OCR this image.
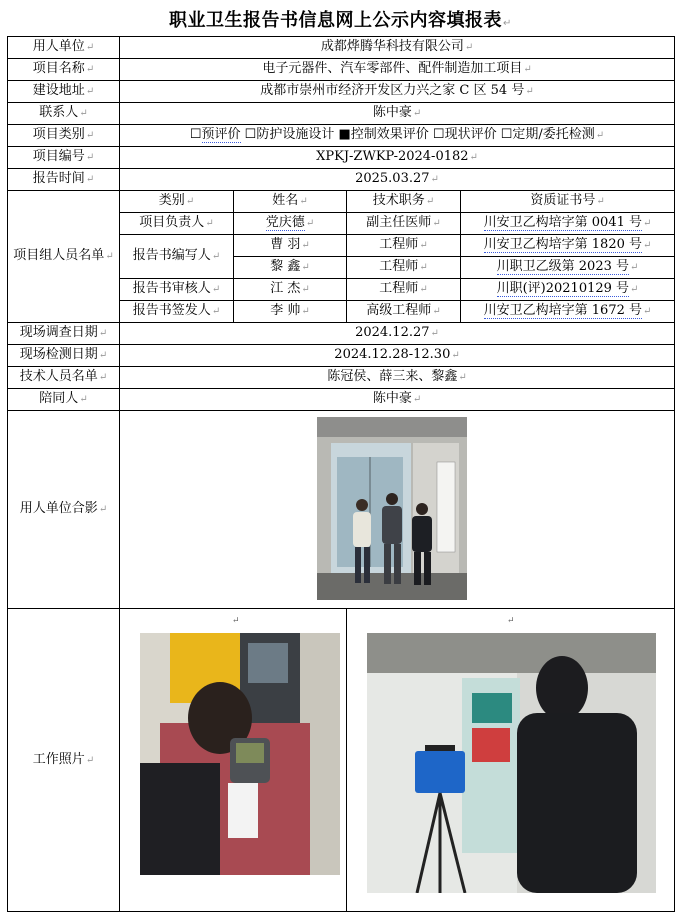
职业卫生报告书信息网上公示内容填报表↵
用人单位↵	成都烨腾华科技有限公司↵			
项目名称↵	电子元器件、汽车零部件、配件制造加工项目↵			
建设地址↵	成都市崇州市经济开发区力兴之家 C 区 54 号↵			
联系人↵	陈中豪↵			
项目类别↵	☐预评价 ☐防护设施设计 ■控制效果评价 ☐现状评价 ☐定期/委托检测↵			
项目编号↵	XPKJ-ZWKP-2024-0182↵			
报告时间↵	2025.03.27↵			
项目组人员名单↵	类别↵	姓名↵	技术职务↵	资质证书号↵
	项目负责人↵	党庆德↵	副主任医师↵	川安卫乙构培字第 0041 号↵
	报告书编写人↵	曹 羽↵	工程师↵	川安卫乙构培字第 1820 号↵
		黎 鑫↵	工程师↵	川职卫乙级第 2023 号↵
	报告书审核人↵	江 杰↵	工程师↵	川职(评)20210129 号↵
	报告书签发人↵	李 帅↵	高级工程师↵	川安卫乙构培字第 1672 号↵
现场调查日期↵	2024.12.27↵			
现场检测日期↵	2024.12.28-12.30↵			
技术人员名单↵	陈冠侯、薛三来、黎鑫↵			
陪同人↵	陈中豪↵			
用人单位合影↵	

工作照片↵	↵		↵	
